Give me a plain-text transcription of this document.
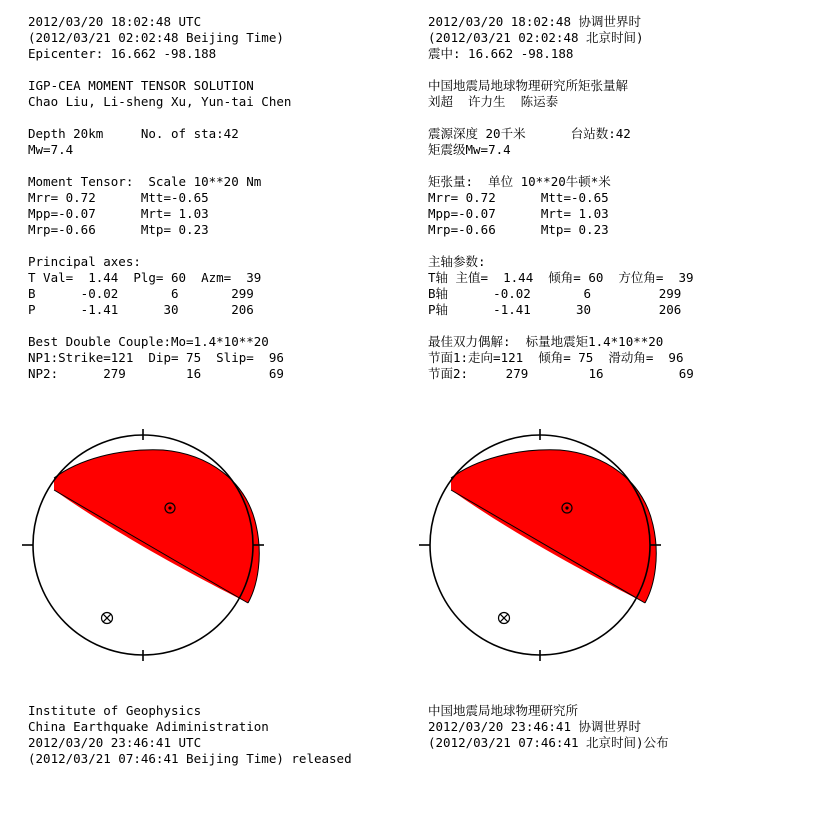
2012/03/20 18:02:48 UTC
(2012/03/21 02:02:48 Beijing Time)
Epicenter: 16.662 -98.188
IGP-CEA MOMENT TENSOR SOLUTION
Chao Liu, Li-sheng Xu, Yun-tai Chen
Depth 20km     No. of sta:42
Mw=7.4
Moment Tensor:  Scale 10**20 Nm
Mrr= 0.72      Mtt=-0.65
Mpp=-0.07      Mrt= 1.03
Mrp=-0.66      Mtp= 0.23
Principal axes:
T Val=  1.44  Plg= 60  Azm=  39
B      -0.02       6       299
P      -1.41      30       206
Best Double Couple:Mo=1.4*10**20
NP1:Strike=121  Dip= 75  Slip=  96
NP2:      279        16         69
2012/03/20 18:02:48 协调世界时
(2012/03/21 02:02:48 北京时间)
震中: 16.662 -98.188
中国地震局地球物理研究所矩张量解
刘超  许力生  陈运泰
震源深度 20千米      台站数:42
矩震级Mw=7.4
矩张量:  单位 10**20牛顿*米
Mrr= 0.72      Mtt=-0.65
Mpp=-0.07      Mrt= 1.03
Mrp=-0.66      Mtp= 0.23
主轴参数:
T轴 主值=  1.44  倾角= 60  方位角=  39
B轴      -0.02       6         299
P轴      -1.41      30         206
最佳双力偶解:  标量地震矩1.4*10**20
节面1:走向=121  倾角= 75  滑动角=  96
节面2:     279        16          69
Institute of Geophysics
China Earthquake Adiministration
2012/03/20 23:46:41 UTC
(2012/03/21 07:46:41 Beijing Time) released
中国地震局地球物理研究所
2012/03/20 23:46:41 协调世界时
(2012/03/21 07:46:41 北京时间)公布
